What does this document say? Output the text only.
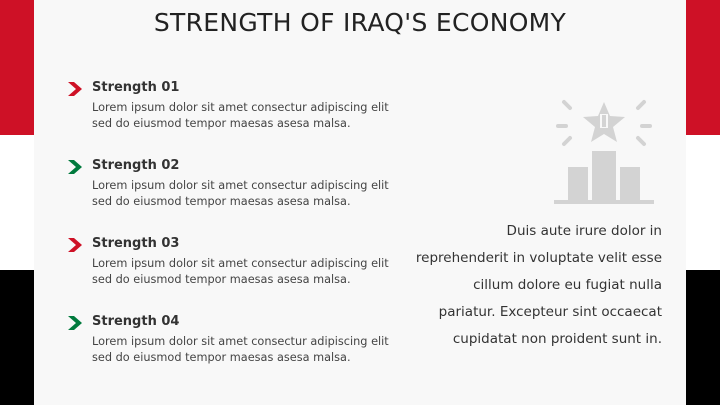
STRENGTH OF IRAQ'S ECONOMY
Strength 01
Lorem ipsum dolor sit amet consectur adipiscing elit sed do eiusmod tempor maesas asesa malsa.
Strength 02
Lorem ipsum dolor sit amet consectur adipiscing elit sed do eiusmod tempor maesas asesa malsa.
Strength 03
Lorem ipsum dolor sit amet consectur adipiscing elit sed do eiusmod tempor maesas asesa malsa.
Strength 04
Lorem ipsum dolor sit amet consectur adipiscing elit sed do eiusmod tempor maesas asesa malsa.

Duis aute irure dolor in reprehenderit in voluptate velit esse cillum dolore eu fugiat nulla pariatur. Excepteur sint occaecat cupidatat non proident sunt in.
